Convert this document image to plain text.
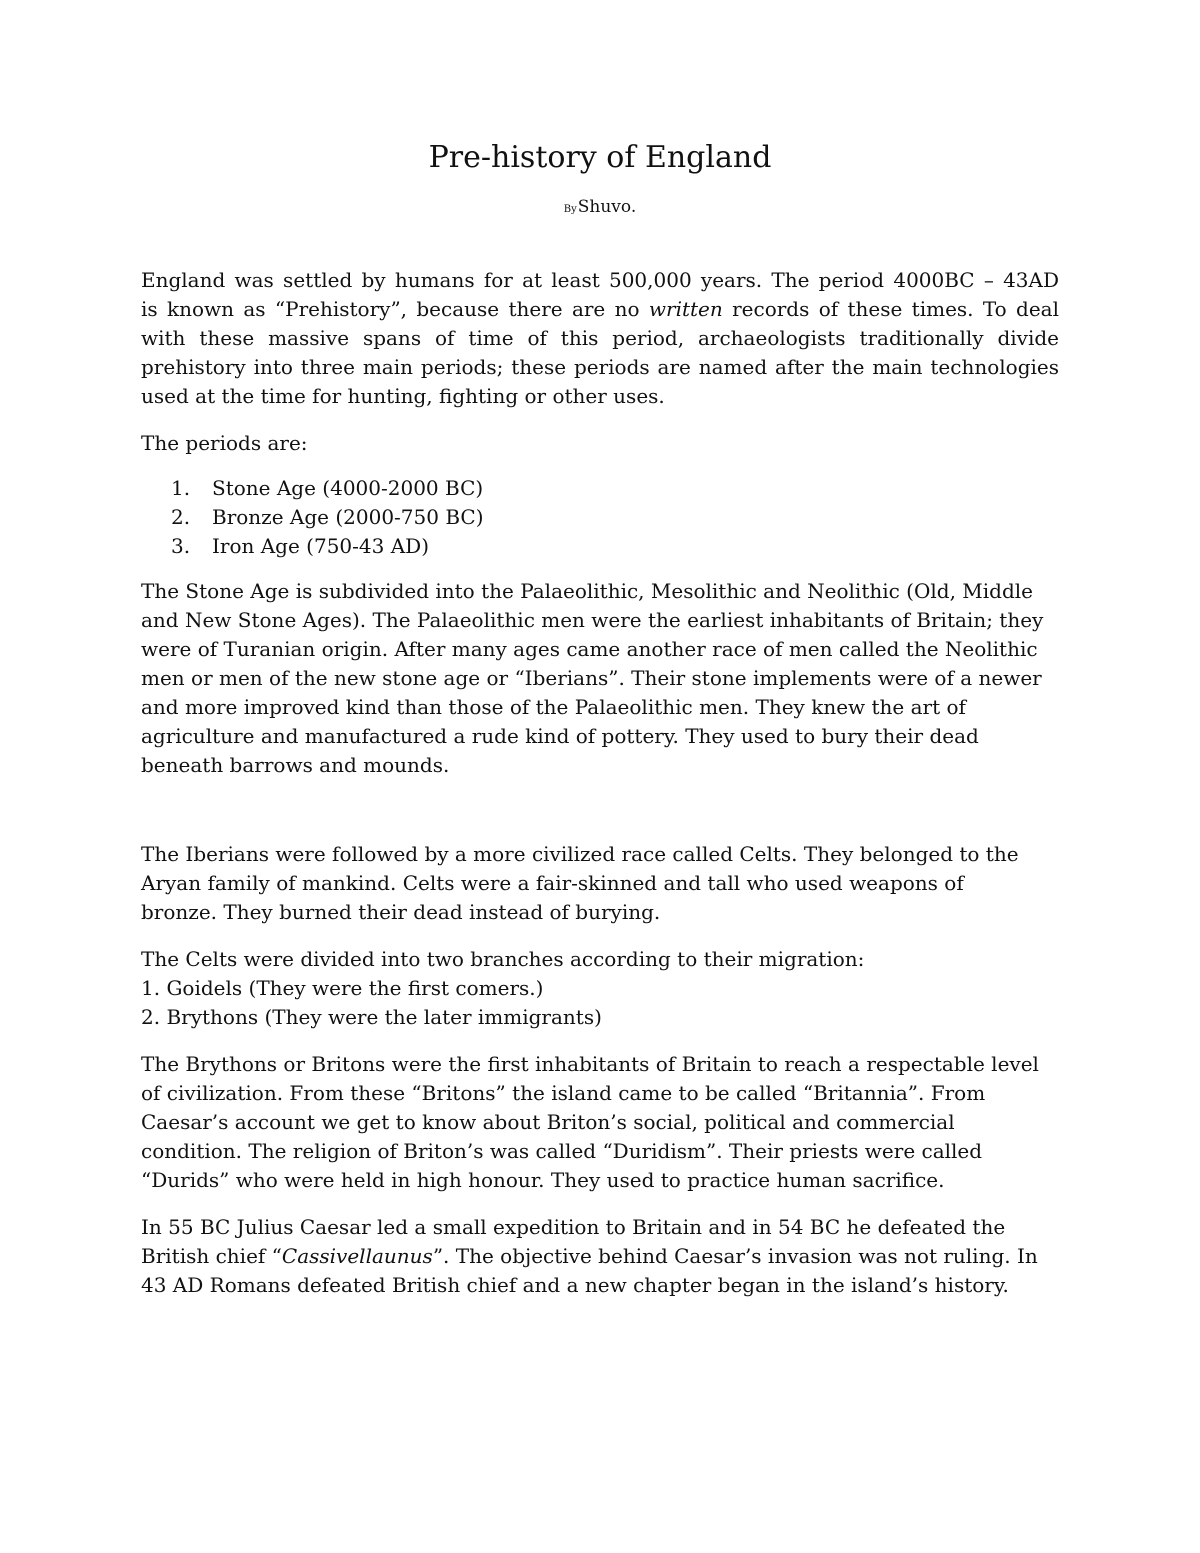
Pre-history of England
ByShuvo.

England was settled by humans for at least 500,000 years. The period 4000BC – 43AD

is known as “Prehistory”, because there are no written records of these times. To deal

with these massive spans of time of this period, archaeologists traditionally divide

prehistory into three main periods; these periods are named after the main technologies

used at the time for hunting, fighting or other uses.

The periods are:

1. Stone Age (4000-2000 BC)

2. Bronze Age (2000-750 BC)

3. Iron Age (750-43 AD)

The Stone Age is subdivided into the Palaeolithic, Mesolithic and Neolithic (Old, Middle

and New Stone Ages). The Palaeolithic men were the earliest inhabitants of Britain; they

were of Turanian origin. After many ages came another race of men called the Neolithic

men or men of the new stone age or “Iberians”. Their stone implements were of a newer

and more improved kind than those of the Palaeolithic men. They knew the art of

agriculture and manufactured a rude kind of pottery. They used to bury their dead

beneath barrows and mounds.

The Iberians were followed by a more civilized race called Celts. They belonged to the

Aryan family of mankind. Celts were a fair-skinned and tall who used weapons of

bronze. They burned their dead instead of burying.

The Celts were divided into two branches according to their migration:

1. Goidels (They were the first comers.)

2. Brythons (They were the later immigrants)

The Brythons or Britons were the first inhabitants of Britain to reach a respectable level

of civilization. From these “Britons” the island came to be called “Britannia”. From

Caesar’s account we get to know about Briton’s social, political and commercial

condition. The religion of Briton’s was called “Duridism”. Their priests were called

“Durids” who were held in high honour. They used to practice human sacrifice.

In 55 BC Julius Caesar led a small expedition to Britain and in 54 BC he defeated the

British chief “Cassivellaunus”. The objective behind Caesar’s invasion was not ruling. In

43 AD Romans defeated British chief and a new chapter began in the island’s history.
